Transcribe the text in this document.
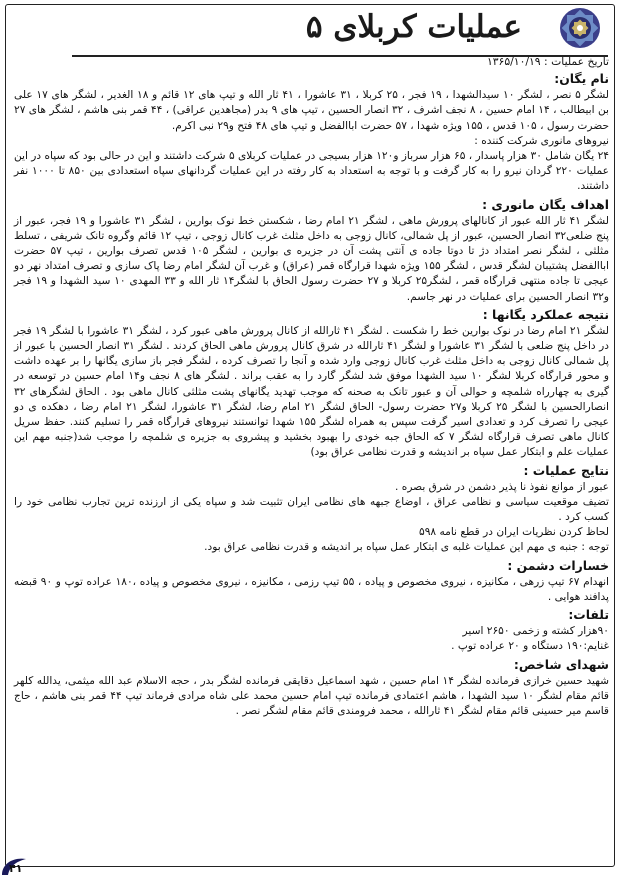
عملیات کربلای ۵

تاریخ عملیات : ۱۳۶۵/۱۰/۱۹

نام یگان:

لشگر ۵ نصر ، لشگر ۱۰ سیدالشهدا ، ۱۹ فجر ، ۲۵ کربلا ، ۳۱ عاشورا ، ۴۱ ثار الله و تیپ های ۱۲ قائم و ۱۸ الغدیر ، لشگر های ۱۷ علی بن ابیطالب ، ۱۴ امام حسین ، ۸ نجف اشرف ، ۳۲ انصار الحسین ، تیپ های ۹ بدر (مجاهدین عراقی) ، ۴۴ قمر بنی هاشم ، لشگر های ۲۷ حضرت رسول ، ۱۰۵ قدس ، ۱۵۵ ویژه شهدا ، ۵۷ حضرت اباالفضل و تیپ های ۴۸ فتح و۲۹ نبی اکرم.

نیروهای مانوری شرکت کننده :

۲۴ یگان شامل ۳۰ هزار پاسدار ، ۶۵ هزار سرباز و۱۲۰ هزار بسیجی در عملیات کربلای ۵ شرکت داشتند و این در حالی بود که سپاه در این عملیات ۲۲۰ گردان نیرو را به کار گرفت و با توجه به استعداد به کار رفته در این عملیات گردانهای سپاه استعدادی بین ۸۵۰ تا ۱۰۰۰ نفر داشتند.

اهداف یگان مانوری :

لشگر ۴۱ ثار الله عبور از کانالهای پرورش ماهی ، لشگر ۲۱ امام رضا ، شکستن خط نوک بوارین ، لشگر ۳۱ عاشورا و ۱۹ فجر، عبور از پنج ضلعی۳۲ انصار الحسین، عبور از پل شمالی، کانال زوجی به داخل مثلث غرب کانال زوجی ، تیپ ۱۲ قائم وگروه تانک شریفی ، تسلط مثلثی ، لشگر نصر امتداد دژ تا دوتا جاده ی آنتی پشت آن در جزیره ی بوارین ، لشگر ۱۰۵ قدس تصرف بوارین ، تیپ ۵۷ حضرت اباالفضل پشتیبان لشگر قدس ، لشگر ۱۵۵ ویژه شهدا قرارگاه قمر (عراق) و غرب آن لشگر امام رضا پاک سازی و تصرف امتداد نهر دو عیجی تا جاده منتهی قرارگاه قمر ، لشگر۲۵ کربلا و ۲۷ حضرت رسول الحاق با لشگر۱۴ ثار الله و ۳۳ المهدی ۱۰ سید الشهدا و ۱۹ فجر و۳۲ انصار الحسین برای عملیات در نهر جاسم.

نتیجه عملکرد یگانها :

لشگر ۲۱ امام رضا در نوک بوارین خط را شکست . لشگر ۴۱ ثارالله از کانال پرورش ماهی عبور کرد ، لشگر ۳۱ عاشورا با لشگر ۱۹ فجر در داخل پنج ضلعی با لشگر ۳۱ عاشورا و لشگر ۴۱ ثارالله در شرق کانال پرورش ماهی الحاق کردند . لشگر ۳۱ انصار الحسین با عبور از پل شمالی کانال زوجی به داخل مثلث غرب کانال زوجی وارد شده و آنجا را تصرف کرده ، لشگر فجر باز سازی یگانها را بر عهده داشت و محور قرارگاه کربلا لشگر ۱۰ سید الشهدا موفق شد لشگر گارد را به عقب براند . لشگر های ۸ نجف و۱۴ امام حسین در توسعه در گیری به چهارراه شلمچه و حوالی آن و عبور تانک به صحنه که موجب تهدید یگانهای پشت مثلثی کانال ماهی بود . الحاق لشگرهای ۳۲ انصارالحسین با لشگر ۲۵ کربلا و۲۷ حضرت رسول- الحاق لشگر ۲۱ امام رضا، لشگر ۳۱ عاشورا، لشگر ۲۱ امام رضا ، دهکده ی دو عیجی را تصرف کرد و تعدادی اسیر گرفت سپس به همراه لشگر ۱۵۵ شهدا توانستند نیروهای قرارگاه قمر را تسلیم کنند. حفظ سریل کانال ماهی تصرف قرارگاه لشگر ۷ که الحاق جبه خودی را بهبود بخشید و پیشروی به جزیره ی شلمچه را موجب شد(جنبه مهم این عملیات علم و ابتکار عمل سپاه بر اندیشه و قدرت نظامی عراق بود)

نتایج عملیات :

عبور از موانع نفوذ نا پذیر دشمن در شرق بصره .

تضیف موقعیت سیاسی و نظامی عراق ، اوضاع جبهه های نظامی ایران تثبیت شد و سپاه یکی از ارزنده ترین تجارب نظامی خود را کسب کرد .

لحاظ کردن نظریات ایران در قطع نامه ۵۹۸

توجه : جنبه ی مهم این عملیات غلبه ی ابتکار عمل سپاه بر اندیشه و قدرت نظامی عراق بود.

خسارات دشمن :

انهدام ۶۷ تیپ زرهی ، مکانیزه ، نیروی مخصوص و پیاده ، ۵۵ تیپ رزمی ، مکانیزه ، نیروی مخصوص و پیاده ،۱۸۰ عراده توپ و ۹۰ قبضه پدافند هوایی .

تلفات:

۹۰هزار کشته و زخمی ۲۶۵۰ اسیر

غنایم:۱۹۰ دستگاه و ۲۰ عراده توپ .

شهدای شاخص:

شهید حسین خرازی فرمانده لشگر ۱۴ امام حسین ، شهد اسماعیل دقایقی فرمانده لشگر بدر ، حجه الاسلام عبد الله میثمی، یدالله کلهر قائم مقام لشگر ۱۰ سید الشهدا ، هاشم اعتمادی فرمانده تیپ امام حسین محمد علی شاه مرادی فرماند تیپ ۴۴ قمر بنی هاشم ، حاج قاسم میر حسینی قائم مقام لشگر ۴۱ ثارالله ، محمد فرومندی قائم مقام لشگر نصر .

۴۱
